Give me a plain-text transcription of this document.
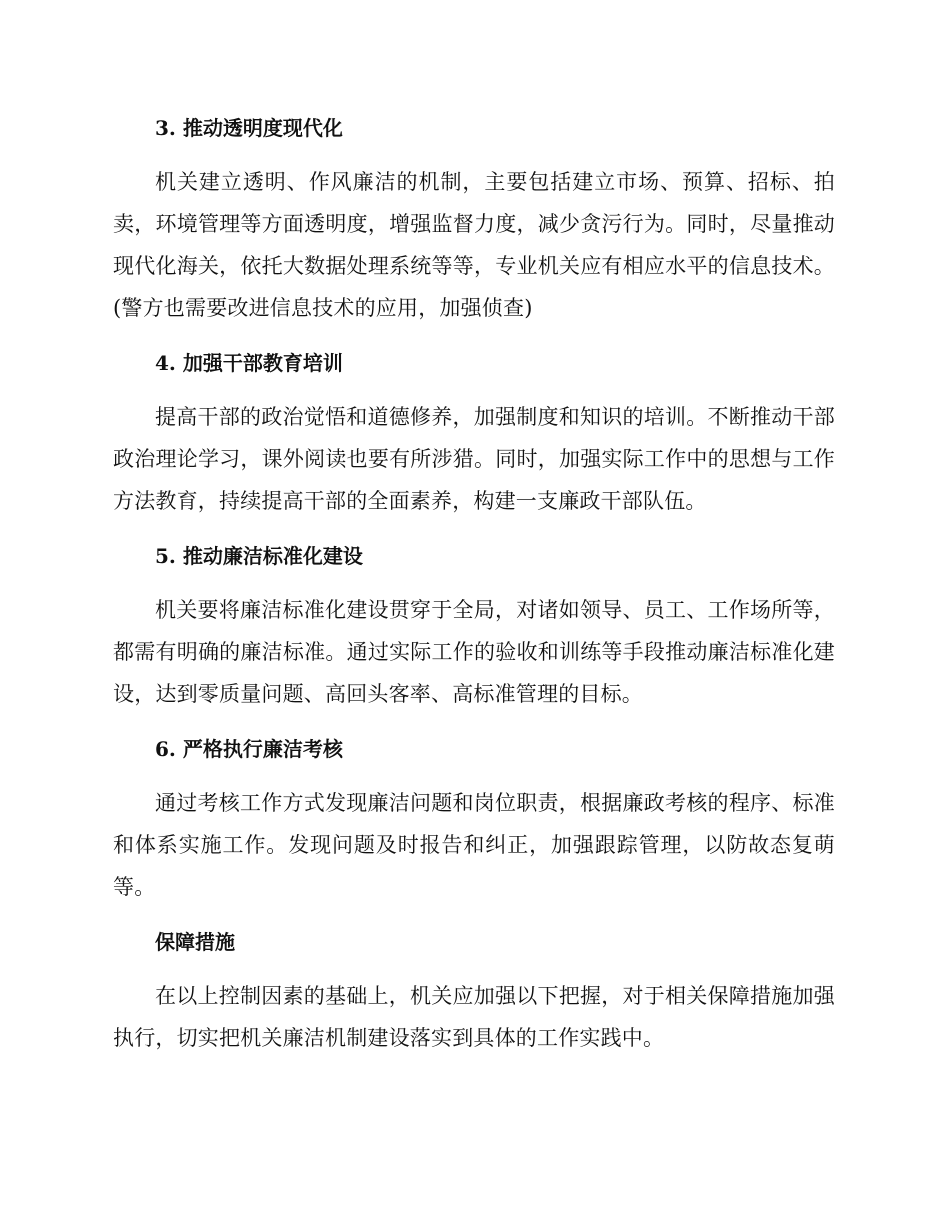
3. 推动透明度现代化

机关建立透明、作风廉洁的机制，主要包括建立市场、预算、招标、拍卖，环境管理等方面透明度，增强监督力度，减少贪污行为。同时，尽量推动现代化海关，依托大数据处理系统等等，专业机关应有相应水平的信息技术。(警方也需要改进信息技术的应用，加强侦查)

4. 加强干部教育培训

提高干部的政治觉悟和道德修养，加强制度和知识的培训。不断推动干部政治理论学习，课外阅读也要有所涉猎。同时，加强实际工作中的思想与工作方法教育，持续提高干部的全面素养，构建一支廉政干部队伍。

5. 推动廉洁标准化建设

机关要将廉洁标准化建设贯穿于全局，对诸如领导、员工、工作场所等，都需有明确的廉洁标准。通过实际工作的验收和训练等手段推动廉洁标准化建设，达到零质量问题、高回头客率、高标准管理的目标。

6. 严格执行廉洁考核

通过考核工作方式发现廉洁问题和岗位职责，根据廉政考核的程序、标准和体系实施工作。发现问题及时报告和纠正，加强跟踪管理，以防故态复萌等。

保障措施

在以上控制因素的基础上，机关应加强以下把握，对于相关保障措施加强执行，切实把机关廉洁机制建设落实到具体的工作实践中。
